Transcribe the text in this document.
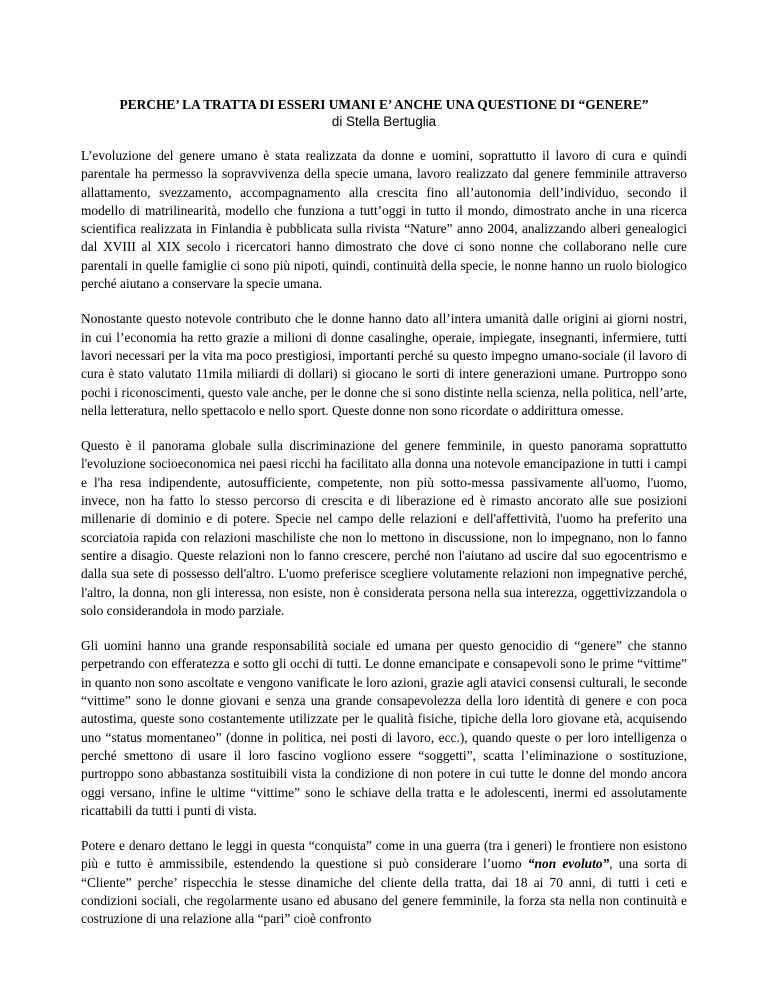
PERCHE’ LA TRATTA DI ESSERI UMANI E’ ANCHE UNA QUESTIONE DI “GENERE”

di Stella Bertuglia

L’evoluzione del genere umano è stata realizzata da donne e uomini, soprattutto il lavoro di cura e quindi parentale ha permesso la sopravvivenza della specie umana, lavoro realizzato dal genere femminile attraverso allattamento, svezzamento, accompagnamento alla crescita fino all’autonomia dell’individuo, secondo il modello di matrilinearità, modello che funziona a tutt’oggi in tutto il mondo, dimostrato anche in una ricerca scientifica realizzata in Finlandia è pubblicata sulla rivista “Nature” anno 2004, analizzando alberi genealogici dal XVIII al XIX secolo i ricercatori hanno dimostrato che dove ci sono nonne che collaborano nelle cure parentali in quelle famiglie ci sono più nipoti, quindi, continuità della specie, le nonne hanno un ruolo biologico perché aiutano a conservare la specie umana.

Nonostante questo notevole contributo che le donne hanno dato all’intera umanità dalle origini ai giorni nostri, in cui l’economia ha retto grazie a milioni di donne casalinghe, operaie, impiegate, insegnanti, infermiere, tutti lavori necessari per la vita ma poco prestigiosi, importanti perché su questo impegno umano-sociale (il lavoro di cura è stato valutato 11mila miliardi di dollari) si giocano le sorti di intere generazioni umane. Purtroppo sono pochi i riconoscimenti, questo vale anche, per le donne che si sono distinte nella scienza, nella politica, nell’arte, nella letteratura, nello spettacolo e nello sport. Queste donne non sono ricordate o addirittura omesse.

Questo è il panorama globale sulla discriminazione del genere femminile, in questo panorama soprattutto l'evoluzione socioeconomica nei paesi ricchi ha facilitato alla donna una notevole emancipazione in tutti i campi e l'ha resa indipendente, autosufficiente, competente, non più sotto-messa passivamente all'uomo, l'uomo, invece, non ha fatto lo stesso percorso di crescita e di liberazione ed è rimasto ancorato alle sue posizioni millenarie di dominio e di potere. Specie nel campo delle relazioni e dell'affettività, l'uomo ha preferito una scorciatoia rapida con relazioni maschiliste che non lo mettono in discussione, non lo impegnano, non lo fanno sentire a disagio. Queste relazioni non lo fanno crescere, perché non l'aiutano ad uscire dal suo egocentrismo e dalla sua sete di possesso dell'altro. L'uomo preferisce scegliere volutamente relazioni non impegnative perché, l'altro, la donna, non gli interessa, non esiste, non è considerata persona nella sua interezza, oggettivizzandola o solo considerandola in modo parziale.

Gli uomini hanno una grande responsabilità sociale ed umana per questo genocidio di “genere” che stanno perpetrando con efferatezza e sotto gli occhi di tutti. Le donne emancipate e consapevoli sono le prime “vittime” in quanto non sono ascoltate e vengono vanificate le loro azioni, grazie agli atavici consensi culturali, le seconde “vittime” sono le donne giovani e senza una grande consapevolezza della loro identità di genere e con poca autostima, queste sono costantemente utilizzate per le qualità fisiche, tipiche della loro giovane età, acquisendo uno “status momentaneo” (donne in politica, nei posti di lavoro, ecc.), quando queste o per loro intelligenza o perché smettono di usare il loro fascino vogliono essere “soggetti”, scatta l’eliminazione o sostituzione, purtroppo sono abbastanza sostituibili vista la condizione di non potere in cui tutte le donne del mondo ancora oggi versano, infine le ultime “vittime” sono le schiave della tratta e le adolescenti, inermi ed assolutamente ricattabili da tutti i punti di vista.

Potere e denaro dettano le leggi in questa “conquista” come in una guerra (tra i generi) le frontiere non esistono più e tutto è ammissibile, estendendo la questione si può considerare l’uomo “non evoluto”, una sorta di “Cliente” perche’ rispecchia le stesse dinamiche del cliente della tratta, dai 18 ai 70 anni, di tutti i ceti e condizioni sociali, che regolarmente usano ed abusano del genere femminile, la forza sta nella non continuità e costruzione di una relazione alla “pari” cioè confronto
